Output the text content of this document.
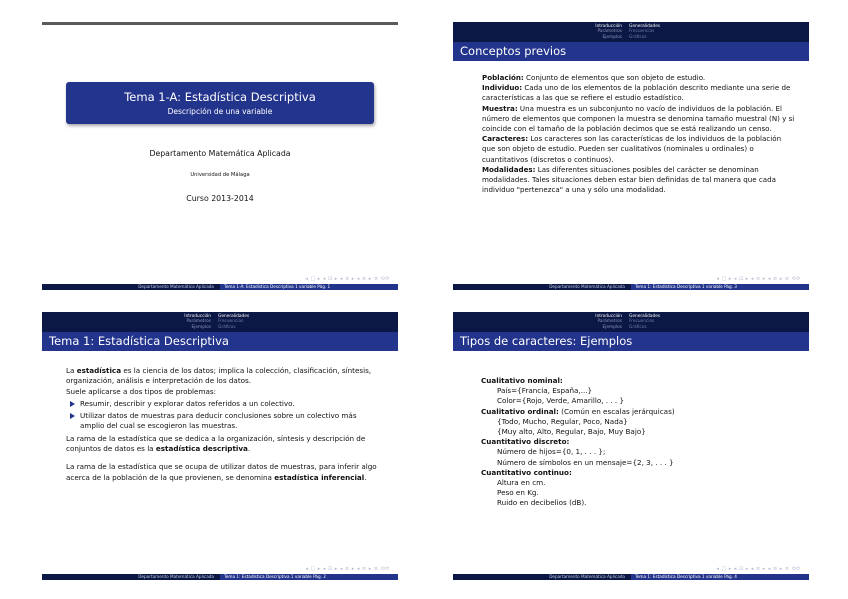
Tema 1-A: Estadística Descriptiva
Descripción de una variable
Departamento Matemática Aplicada
Universidad de Málaga
Curso 2013-2014
◂ □ ▸ ◂ ⊡ ▸ ◂ ≡ ▸ ◂ ≡ ▸ ≡ ⟲⟳
Departamento Matemática Aplicada	Tema 1-A: Estadística Descriptiva 1 variable Pág. 1
Introducción
Parámetros
Ejemplos
Generalidades
Frecuencias
Gráficos
Conceptos previos

Población: Conjunto de elementos que son objeto de estudio.

Individuo: Cada uno de los elementos de la población descrito mediante una serie de características a las que se refiere el estudio estadístico.

Muestra: Una muestra es un subconjunto no vacío de individuos de la población. El número de elementos que componen la muestra se denomina tamaño muestral (N) y si coincide con el tamaño de la población decimos que se está realizando un censo.

Caracteres: Los caracteres son las características de los individuos de la población que son objeto de estudio. Pueden ser cualitativos (nominales u ordinales) o cuantitativos (discretos o continuos).

Modalidades: Las diferentes situaciones posibles del carácter se denominan modalidades. Tales situaciones deben estar bien definidas de tal manera que cada individuo "pertenezca" a una y sólo una modalidad.

◂ □ ▸ ◂ ⊡ ▸ ◂ ≡ ▸ ◂ ≡ ▸ ≡ ⟲⟳
Departamento Matemática Aplicada	Tema 1: Estadística Descriptiva 1 variable Pág. 3
Introducción
Parámetros
Ejemplos
Generalidades
Frecuencias
Gráficos
Tema 1: Estadística Descriptiva

La estadística es la ciencia de los datos; implica la colección, clasificación, síntesis, organización, análisis e interpretación de los datos.

Suele aplicarse a dos tipos de problemas:

Resumir, describir y explorar datos referidos a un colectivo.
Utilizar datos de muestras para deducir conclusiones sobre un colectivo más amplio del cual se escogieron las muestras.

La rama de la estadística que se dedica a la organización, síntesis y descripción de conjuntos de datos es la estadística descriptiva.

La rama de la estadística que se ocupa de utilizar datos de muestras, para inferir algo acerca de la población de la que provienen, se denomina estadística inferencial.

◂ □ ▸ ◂ ⊡ ▸ ◂ ≡ ▸ ◂ ≡ ▸ ≡ ⟲⟳
Departamento Matemática Aplicada	Tema 1: Estadística Descriptiva 1 variable Pág. 2
Introducción
Parámetros
Ejemplos
Generalidades
Frecuencias
Gráficos
Tipos de caracteres: Ejemplos

Cualitativo nominal:

País={Francia, España,...}

Color={Rojo, Verde, Amarillo, . . . }

Cualitativo ordinal: (Común en escalas jerárquicas)

{Todo, Mucho, Regular, Poco, Nada}

{Muy alto, Alto, Regular, Bajo, Muy Bajo}

Cuantitativo discreto:

Número de hijos={0, 1, . . . };

Número de símbolos en un mensaje={2, 3, . . . }

Cuantitativo continuo:

Altura en cm.

Peso en Kg.

Ruido en decibelios (dB).

◂ □ ▸ ◂ ⊡ ▸ ◂ ≡ ▸ ◂ ≡ ▸ ≡ ⟲⟳
Departamento Matemática Aplicada	Tema 1: Estadística Descriptiva 1 variable Pág. 4
